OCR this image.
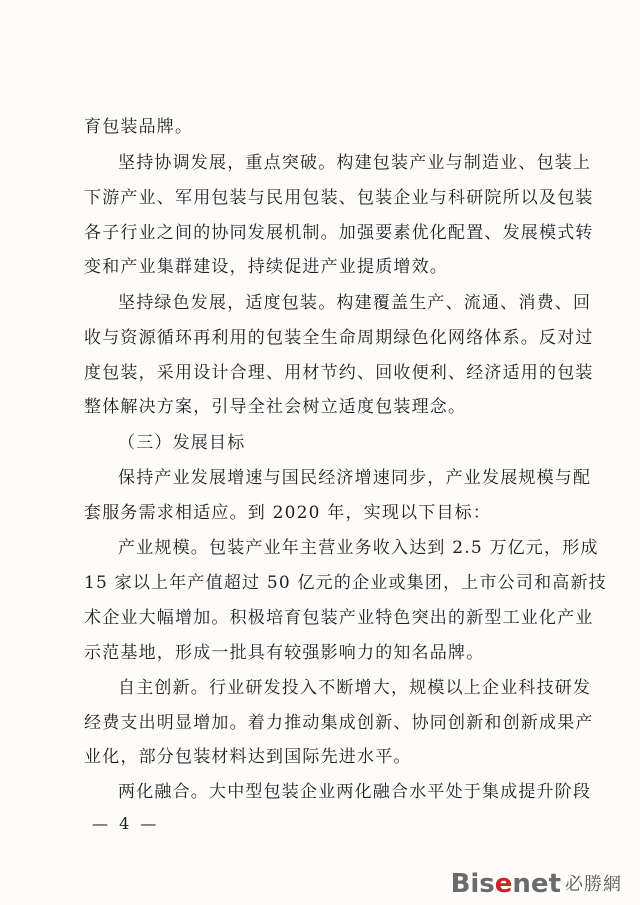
育包装品牌。
坚持协调发展，重点突破。构建包装产业与制造业、包装上
下游产业、军用包装与民用包装、包装企业与科研院所以及包装
各子行业之间的协同发展机制。加强要素优化配置、发展模式转
变和产业集群建设，持续促进产业提质增效。
坚持绿色发展，适度包装。构建覆盖生产、流通、消费、回
收与资源循环再利用的包装全生命周期绿色化网络体系。反对过
度包装，采用设计合理、用材节约、回收便利、经济适用的包装
整体解决方案，引导全社会树立适度包装理念。
（三）发展目标
保持产业发展增速与国民经济增速同步，产业发展规模与配
套服务需求相适应。到 2020 年，实现以下目标：
产业规模。包装产业年主营业务收入达到 2.5 万亿元，形成
15 家以上年产值超过 50 亿元的企业或集团，上市公司和高新技
术企业大幅增加。积极培育包装产业特色突出的新型工业化产业
示范基地，形成一批具有较强影响力的知名品牌。
自主创新。行业研发投入不断增大，规模以上企业科技研发
经费支出明显增加。着力推动集成创新、协同创新和创新成果产
业化，部分包装材料达到国际先进水平。
两化融合。大中型包装企业两化融合水平处于集成提升阶段
— 4 —
Bisenet 必勝網
